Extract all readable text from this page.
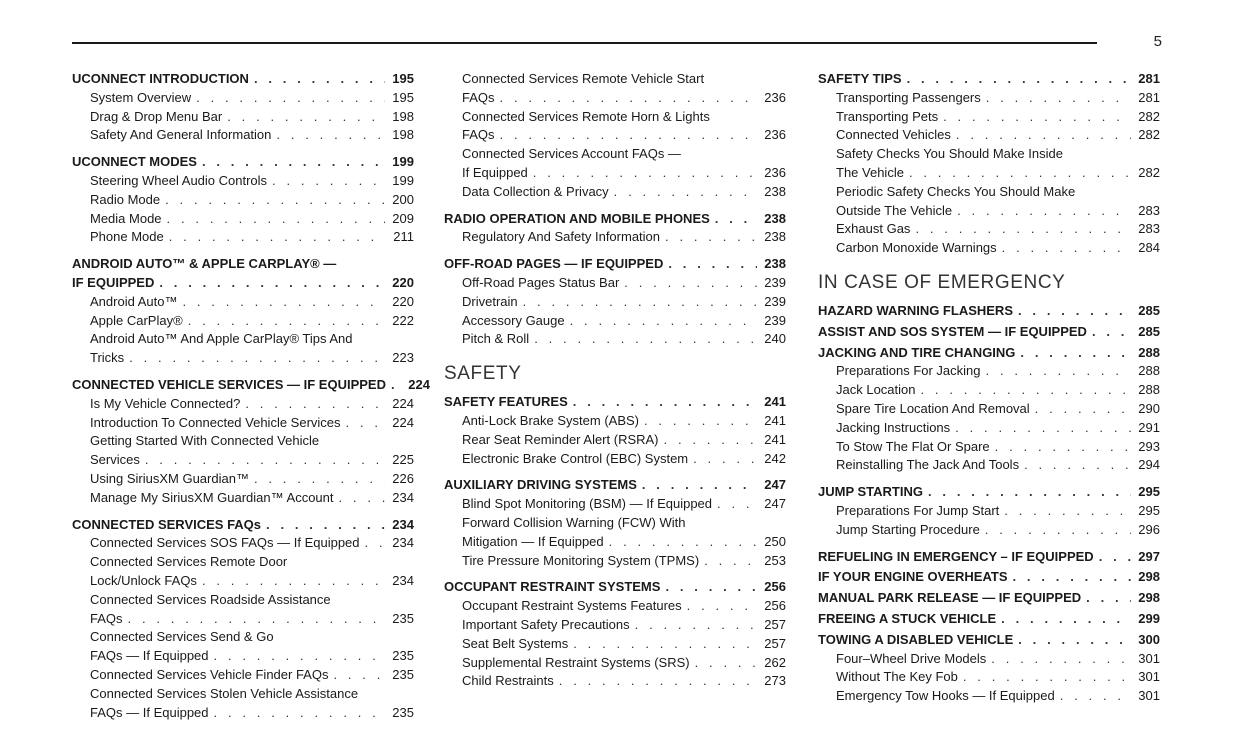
5
UCONNECT INTRODUCTION . . .	195
System Overview . . .	195
Drag & Drop Menu Bar . . .	198
Safety And General Information . . .	198
UCONNECT MODES . . .	199
Steering Wheel Audio Controls . . .	199
Radio Mode . . .	200
Media Mode . . .	209
Phone Mode . . .	211
ANDROID AUTO™ & APPLE CARPLAY® —
IF EQUIPPED . . .	220
Android Auto™ . . .	220
Apple CarPlay® . . .	222
Android Auto™ And Apple CarPlay® Tips And
Tricks . . .	223
CONNECTED VEHICLE SERVICES — IF EQUIPPED . . . 224
Is My Vehicle Connected? . . .	224
Introduction To Connected Vehicle Services . . .	224
Getting Started With Connected Vehicle
Services . . .	225
Using SiriusXM Guardian™ . . .	226
Manage My SiriusXM Guardian™ Account . . .	234
CONNECTED SERVICES FAQs . . .	234
Connected Services SOS FAQs — If Equipped . . .	234
Connected Services Remote Door
Lock/Unlock FAQs . . .	234
Connected Services Roadside Assistance
FAQs . . .	235
Connected Services Send & Go
FAQs — If Equipped . . .	235
Connected Services Vehicle Finder FAQs . . .	235
Connected Services Stolen Vehicle Assistance
FAQs — If Equipped . . .	235
Connected Services Remote Vehicle Start
FAQs . . .	236
Connected Services Remote Horn & Lights
FAQs . . .	236
Connected Services Account FAQs —
If Equipped . . .	236
Data Collection & Privacy . . .	238
RADIO OPERATION AND MOBILE PHONES . . .	238
Regulatory And Safety Information . . .	238
OFF-ROAD PAGES — IF EQUIPPED . . .	238
Off-Road Pages Status Bar . . .	239
Drivetrain . . .	239
Accessory Gauge . . .	239
Pitch & Roll . . .	240
SAFETY
SAFETY FEATURES . . .	241
Anti-Lock Brake System (ABS) . . .	241
Rear Seat Reminder Alert (RSRA) . . .	241
Electronic Brake Control (EBC) System . . .	242
AUXILIARY DRIVING SYSTEMS . . .	247
Blind Spot Monitoring (BSM) — If Equipped . . .	247
Forward Collision Warning (FCW) With
Mitigation — If Equipped . . .	250
Tire Pressure Monitoring System (TPMS) . . .	253
OCCUPANT RESTRAINT SYSTEMS . . .	256
Occupant Restraint Systems Features . . .	256
Important Safety Precautions . . .	257
Seat Belt Systems . . .	257
Supplemental Restraint Systems (SRS) . . .	262
Child Restraints . . .	273
SAFETY TIPS . . .	281
Transporting Passengers . . .	281
Transporting Pets . . .	282
Connected Vehicles . . .	282
Safety Checks You Should Make Inside
The Vehicle . . .	282
Periodic Safety Checks You Should Make
Outside The Vehicle . . .	283
Exhaust Gas . . .	283
Carbon Monoxide Warnings . . .	284
IN CASE OF EMERGENCY
HAZARD WARNING FLASHERS . . .	285
ASSIST AND SOS SYSTEM — IF EQUIPPED . . .	285
JACKING AND TIRE CHANGING . . .	288
Preparations For Jacking . . .	288
Jack Location . . .	288
Spare Tire Location And Removal . . .	290
Jacking Instructions . . .	291
To Stow The Flat Or Spare . . .	293
Reinstalling The Jack And Tools . . .	294
JUMP STARTING . . .	295
Preparations For Jump Start . . .	295
Jump Starting Procedure . . .	296
REFUELING IN EMERGENCY – IF EQUIPPED . . .	297
IF YOUR ENGINE OVERHEATS . . .	298
MANUAL PARK RELEASE — IF EQUIPPED . . .	298
FREEING A STUCK VEHICLE . . .	299
TOWING A DISABLED VEHICLE . . .	300
Four–Wheel Drive Models . . .	301
Without The Key Fob . . .	301
Emergency Tow Hooks — If Equipped . . .	301
